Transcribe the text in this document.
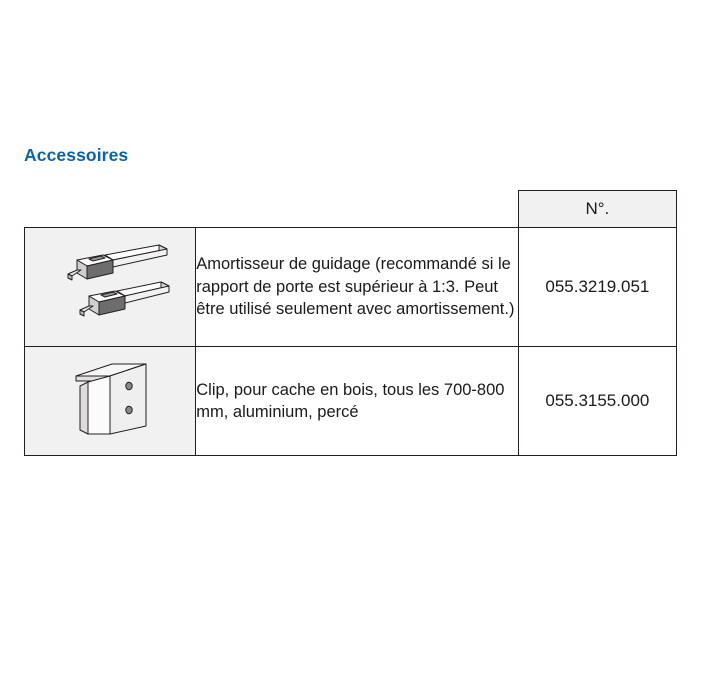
Accessoires
		N°.

	Amortisseur de guidage (recommandé si le rapport de porte est supérieur à 1:3. Peut être utilisé seulement avec amortissement.)	055.3219.051

	Clip, pour cache en bois, tous les 700-800 mm, aluminium, percé	055.3155.000
